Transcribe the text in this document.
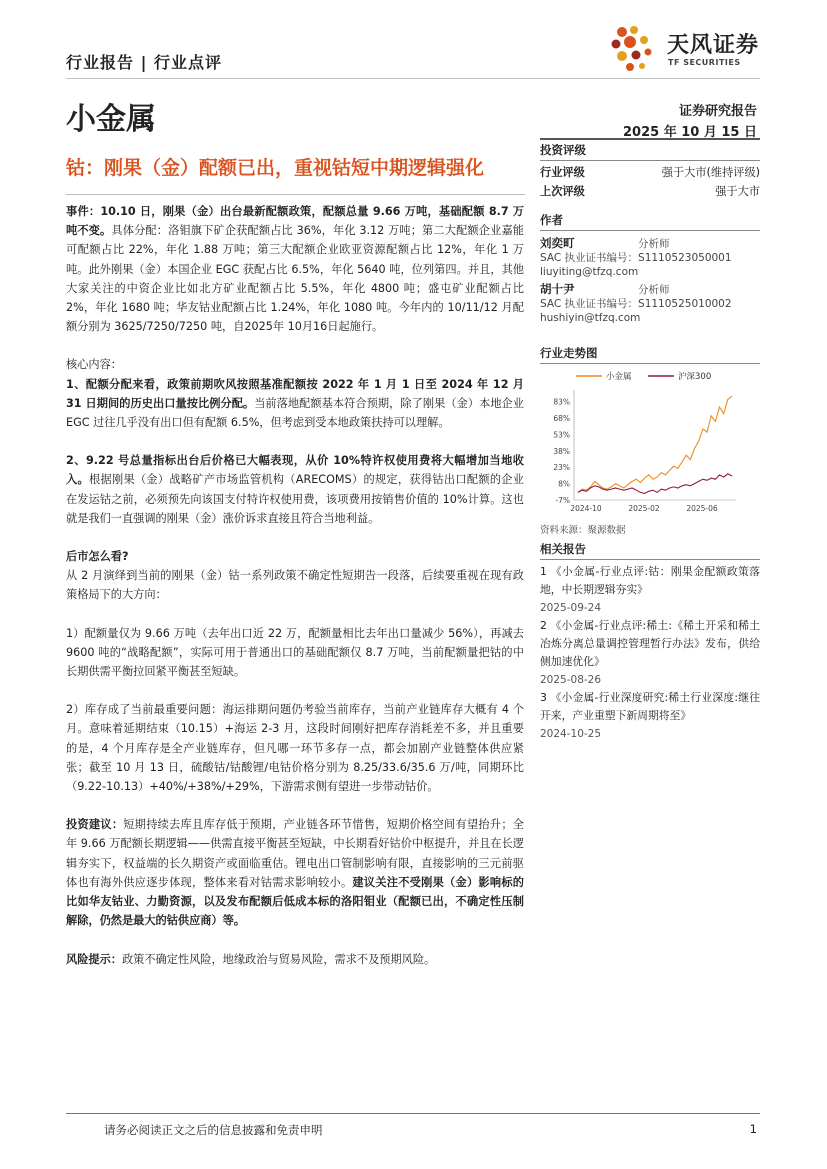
行业报告 | 行业点评
天风证券
TF SECURITIES
小金属	证券研究报告
2025 年 10 月 15 日
钴：刚果（金）配额已出，重视钴短中期逻辑强化

事件：10.10 日，刚果（金）出台最新配额政策，配额总量 9.66 万吨，基础配额 8.7 万吨不变。具体分配：洛钼旗下矿企获配额占比 36%，年化 3.12 万吨；第二大配额企业嘉能可配额占比 22%，年化 1.88 万吨；第三大配额企业欧亚资源配额占比 12%，年化 1 万吨。此外刚果（金）本国企业 EGC 获配占比 6.5%，年化 5640 吨，位列第四。并且，其他大家关注的中资企业比如北方矿业配额占比 5.5%，年化 4800 吨；盛屯矿业配额占比 2%，年化 1680 吨；华友钴业配额占比 1.24%，年化 1080 吨。今年内的 10/11/12 月配额分别为 3625/7250/7250 吨，自2025年 10月16日起施行。

核心内容：

1、配额分配来看，政策前期吹风按照基准配额按 2022 年 1 月 1 日至 2024 年 12 月 31 日期间的历史出口量按比例分配。当前落地配额基本符合预期，除了刚果（金）本地企业 EGC 过往几乎没有出口但有配额 6.5%，但考虑到受本地政策扶持可以理解。

2、9.22 号总量指标出台后价格已大幅表现，从价 10%特许权使用费将大幅增加当地收入。根据刚果（金）战略矿产市场监管机构（ARECOMS）的规定，获得钴出口配额的企业在发运钴之前，必须预先向该国支付特许权使用费，该项费用按销售价值的 10%计算。这也就是我们一直强调的刚果（金）涨价诉求直接且符合当地利益。

后市怎么看?

从 2 月演绎到当前的刚果（金）钴一系列政策不确定性短期告一段落，后续要重视在现有政策格局下的大方向：

1）配额量仅为 9.66 万吨（去年出口近 22 万，配额量相比去年出口量减少 56%），再减去 9600 吨的“战略配额”，实际可用于普通出口的基础配额仅 8.7 万吨，当前配额量把钴的中长期供需平衡拉回紧平衡甚至短缺。

2）库存成了当前最重要问题：海运排期问题仍考验当前库存，当前产业链库存大概有 4 个月。意味着延期结束（10.15）+海运 2-3 月，这段时间刚好把库存消耗差不多，并且重要的是，4 个月库存是全产业链库存，但凡哪一环节多存一点，都会加剧产业链整体供应紧张；截至 10 月 13 日，硫酸钴/钴酸锂/电钴价格分别为 8.25/33.6/35.6 万/吨，同期环比（9.22-10.13）+40%/+38%/+29%，下游需求侧有望进一步带动钴价。

投资建议：短期持续去库且库存低于预期，产业链各环节惜售，短期价格空间有望抬升；全年 9.66 万配额长期逻辑——供需直接平衡甚至短缺，中长期看好钴价中枢提升，并且在长逻辑夯实下，权益端的长久期资产或面临重估。锂电出口管制影响有限，直接影响的三元前驱体也有海外供应逐步体现，整体来看对钴需求影响较小。建议关注不受刚果（金）影响标的比如华友钴业、力勤资源，以及发布配额后低成本标的洛阳钼业（配额已出，不确定性压制解除，仍然是最大的钴供应商）等。

风险提示：政策不确定性风险，地缘政治与贸易风险，需求不及预期风险。

投资评级
行业评级	强于大市(维持评级)
上次评级	强于大市
作者
刘奕町	分析师
SAC 执业证书编号：S1110523050001
liuyiting@tfzq.com
胡十尹	分析师
SAC 执业证书编号：S1110525010002
hushiyin@tfzq.com
行业走势图
小金属	沪深300
83%
68%
53%
38%
23%
8%
-7%
2024-10	2025-02	2025-06
资料来源：聚源数据
相关报告
1 《小金属-行业点评:钴：刚果金配额政策落地，中长期逻辑夯实》
2025-09-24
2 《小金属-行业点评:稀土:《稀土开采和稀土冶炼分离总量调控管理暂行办法》发布，供给侧加速优化》
2025-08-26
3 《小金属-行业深度研究:稀土行业深度:继往开来，产业重塑下新周期将至》
2024-10-25
请务必阅读正文之后的信息披露和免责申明	1
